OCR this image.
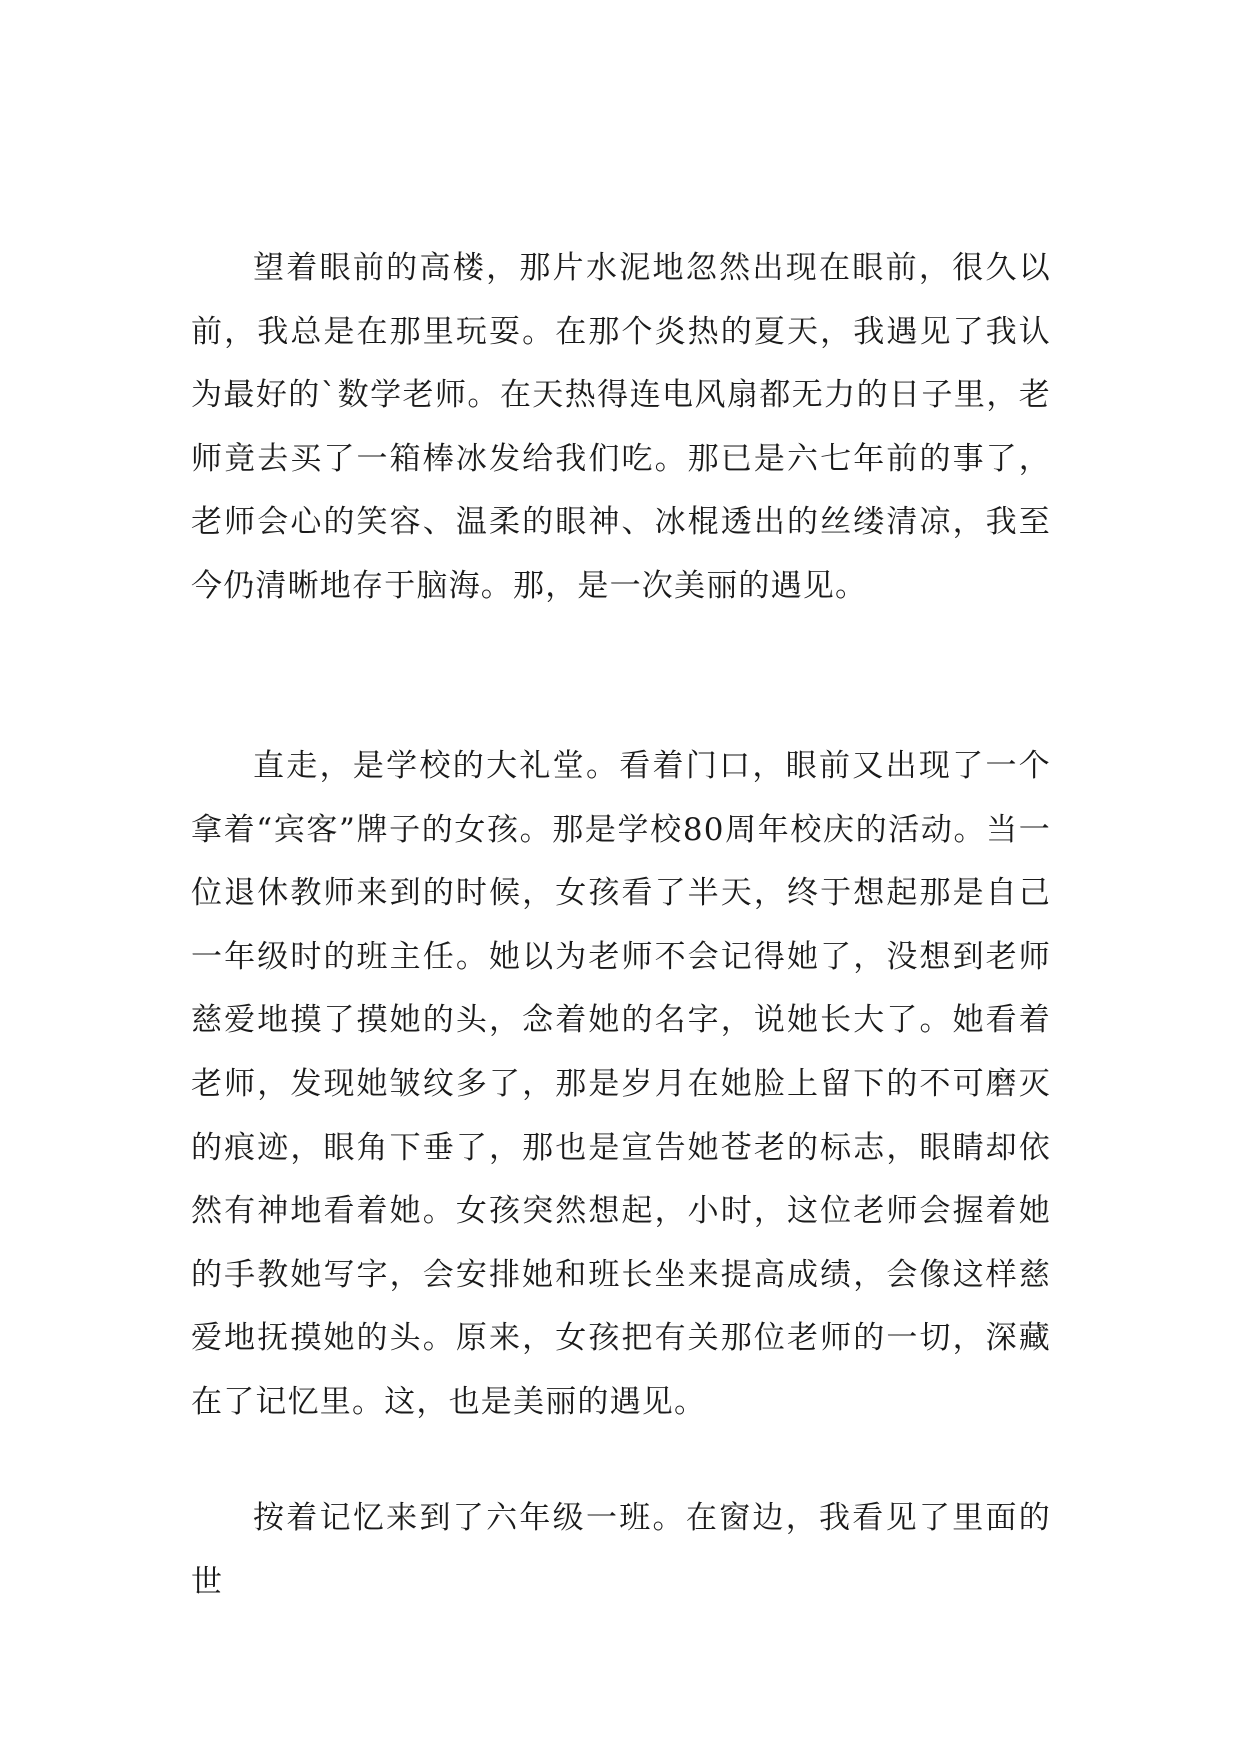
望着眼前的高楼，那片水泥地忽然出现在眼前，很久以前，我总是在那里玩耍。在那个炎热的夏天，我遇见了我认为最好的`数学老师。在天热得连电风扇都无力的日子里，老师竟去买了一箱棒冰发给我们吃。那已是六七年前的事了，老师会心的笑容、温柔的眼神、冰棍透出的丝缕清凉，我至今仍清晰地存于脑海。那，是一次美丽的遇见。

直走，是学校的大礼堂。看着门口，眼前又出现了一个拿着“宾客”牌子的女孩。那是学校80周年校庆的活动。当一位退休教师来到的时候，女孩看了半天，终于想起那是自己一年级时的班主任。她以为老师不会记得她了，没想到老师慈爱地摸了摸她的头，念着她的名字，说她长大了。她看着老师，发现她皱纹多了，那是岁月在她脸上留下的不可磨灭的痕迹，眼角下垂了，那也是宣告她苍老的标志，眼睛却依然有神地看着她。女孩突然想起，小时，这位老师会握着她的手教她写字，会安排她和班长坐来提高成绩，会像这样慈爱地抚摸她的头。原来，女孩把有关那位老师的一切，深藏在了记忆里。这，也是美丽的遇见。

按着记忆来到了六年级一班。在窗边，我看见了里面的世
